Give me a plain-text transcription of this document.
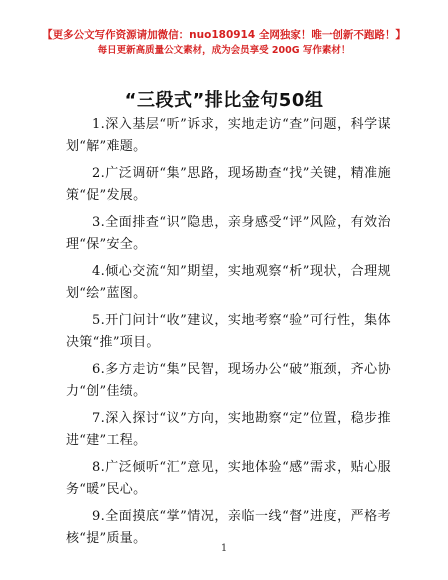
【更多公文写作资源请加微信：nuo180914 全网独家！唯一创新不跑路！】
每日更新高质量公文素材，成为会员享受 200G 写作素材！
“三段式”排比金句50组

1.深入基层“听”诉求，实地走访“查”问题，科学谋划“解”难题。

2.广泛调研“集”思路，现场勘查“找”关键，精准施策“促”发展。

3.全面排查“识”隐患，亲身感受“评”风险，有效治理“保”安全。

4.倾心交流“知”期望，实地观察“析”现状，合理规划“绘”蓝图。

5.开门问计“收”建议，实地考察“验”可行性，集体决策“推”项目。

6.多方走访“集”民智，现场办公“破”瓶颈，齐心协力“创”佳绩。

7.深入探讨“议”方向，实地勘察“定”位置，稳步推进“建”工程。

8.广泛倾听“汇”意见，实地体验“感”需求，贴心服务“暖”民心。

9.全面摸底“掌”情况，亲临一线“督”进度，严格考核“提”质量。

1
